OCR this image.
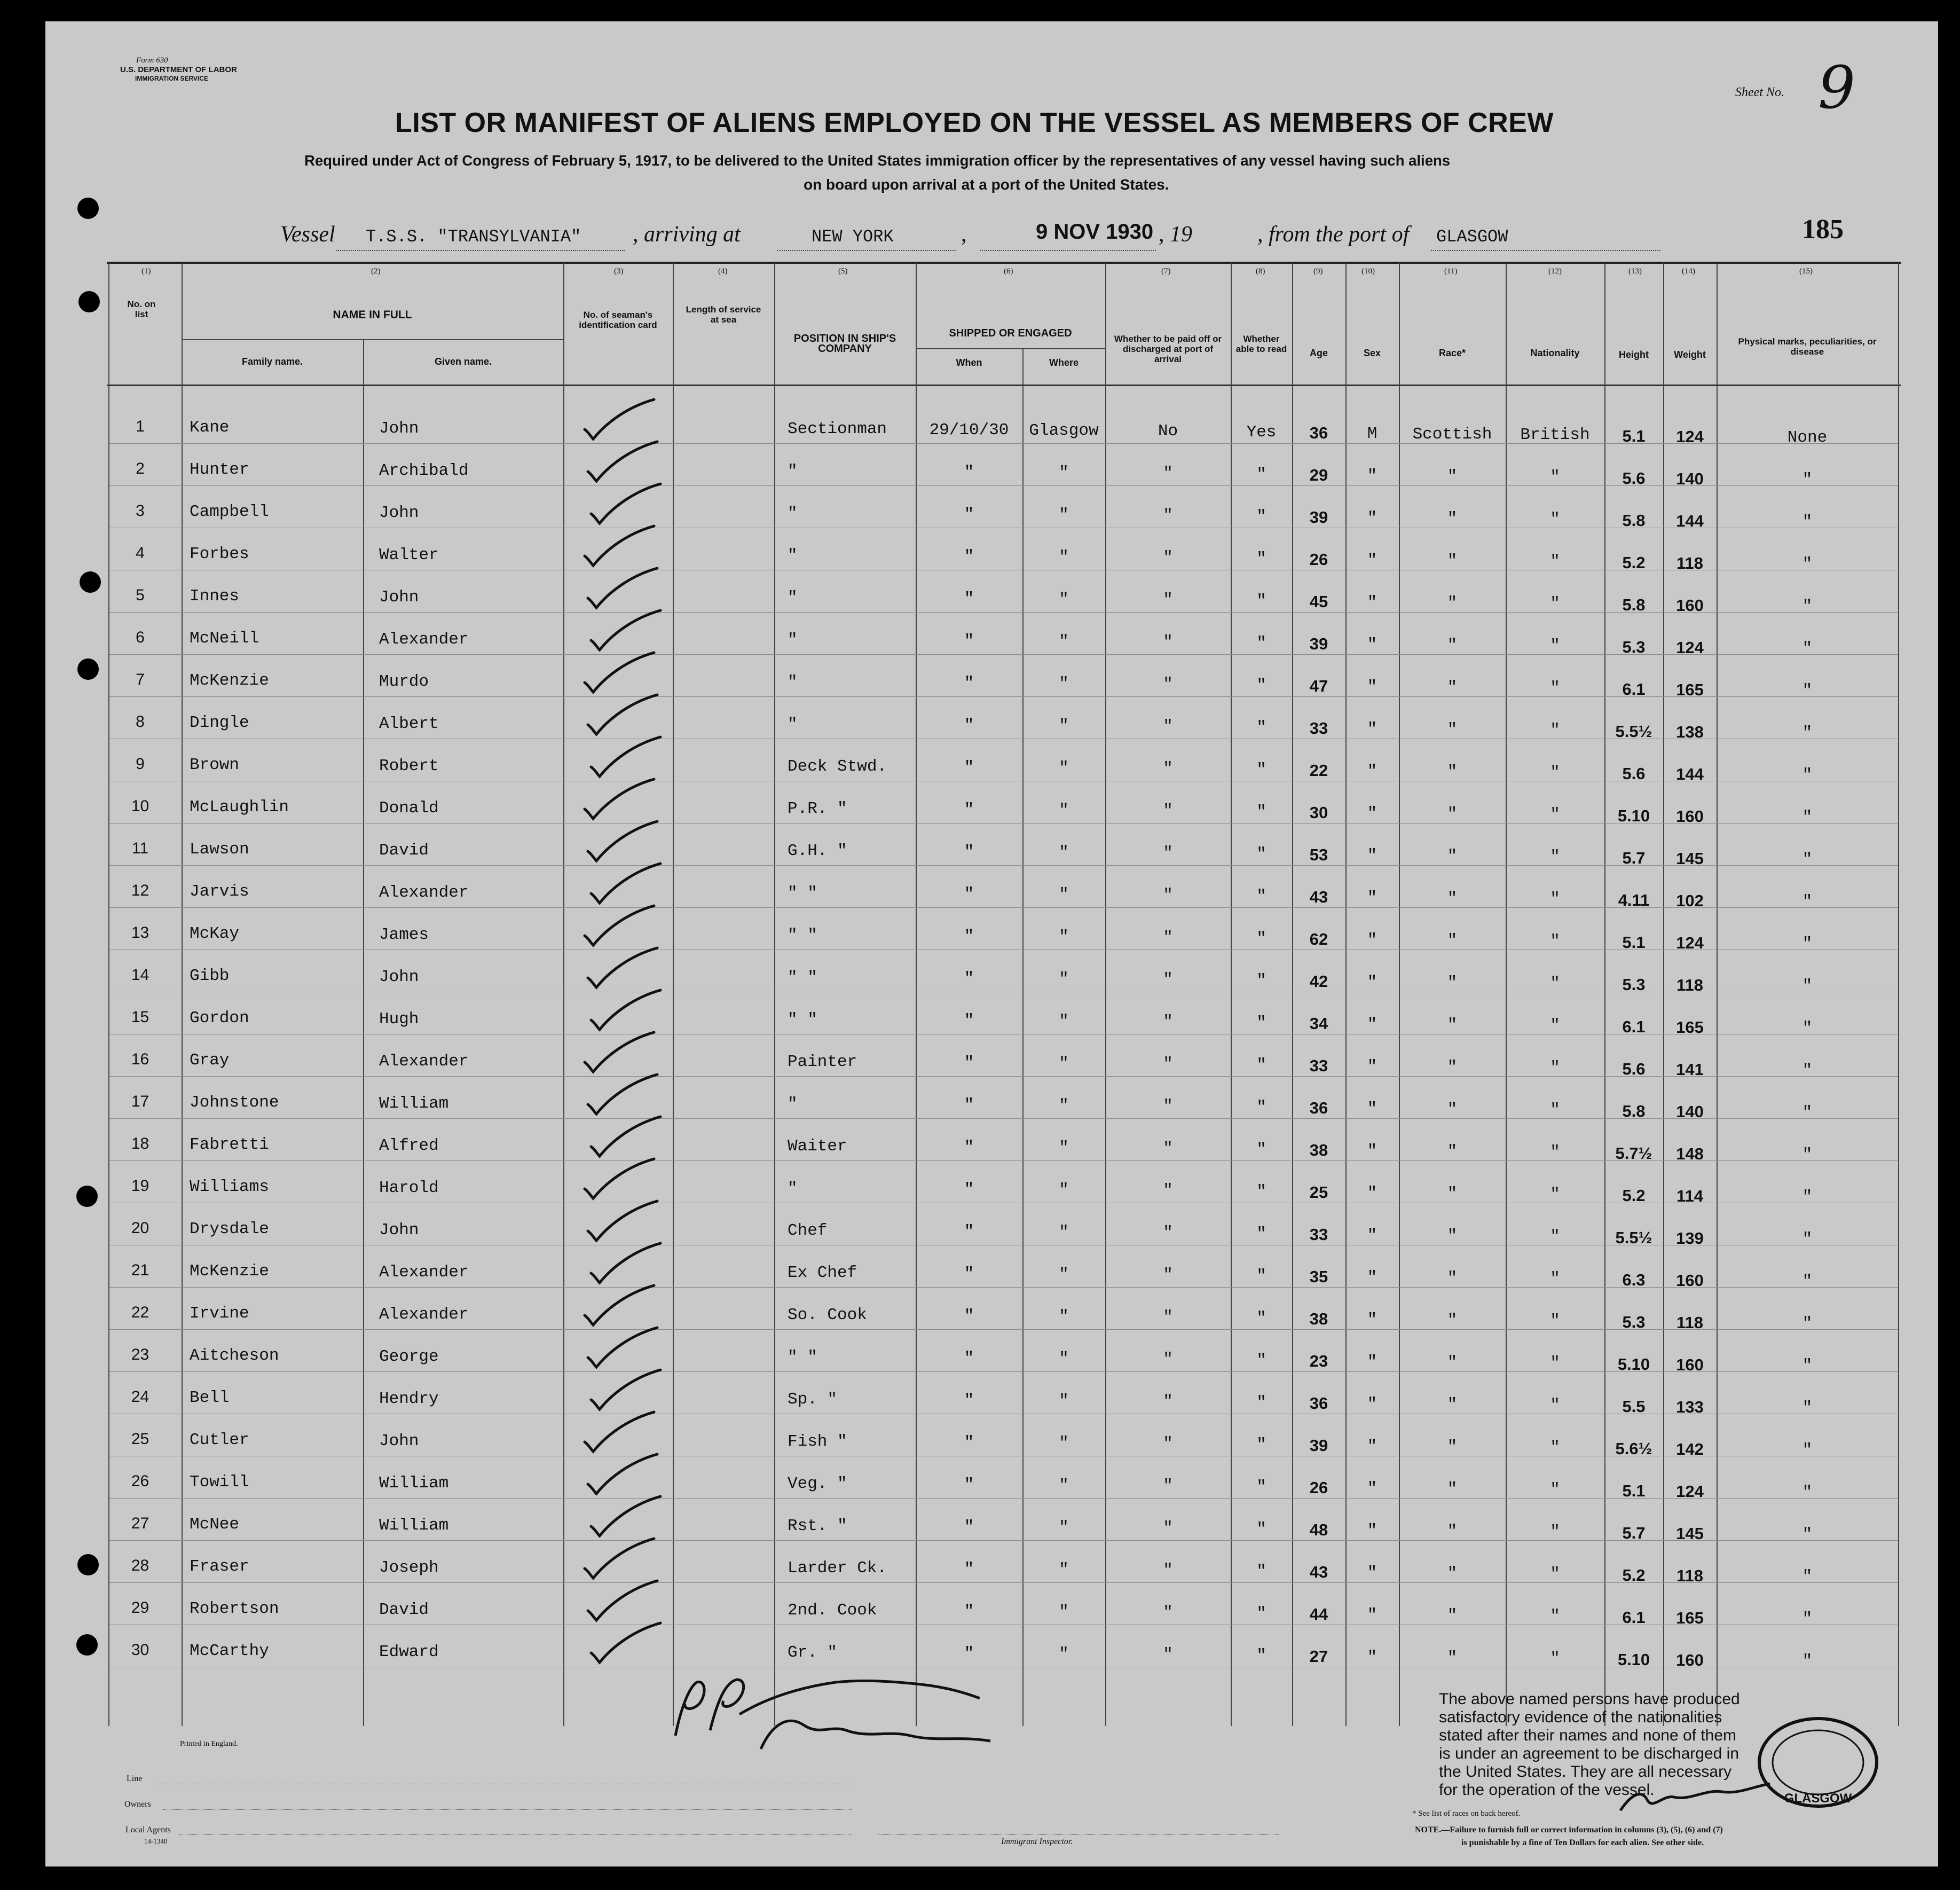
Form 630
U.S. DEPARTMENT OF LABOR
IMMIGRATION SERVICE
Sheet No. 9
LIST OR MANIFEST OF ALIENS EMPLOYED ON THE VESSEL AS MEMBERS OF CREW
Required under Act of Congress of February 5, 1917, to be delivered to the United States immigration officer by the representatives of any vessel having such aliens
on board upon arrival at a port of the United States.
Vessel T.S.S. "TRANSYLVANIA" , arriving at	NEW YORK	,	9 NOV 1930 , 19	, from the port of GLASGOW	185
(1)	(2)	(3)	(4)	(5)	(6)	(7)	(8)	(9)	(10)	(11)	(12)	(13)	(14)	(15)
No. on list	NAME IN FULL
Family name.	Given name.
No. of seaman's identification card
Length of service at sea
POSITION IN SHIP'S COMPANY
SHIPPED OR ENGAGED
When	Where
Whether to be paid off or discharged at port of arrival
Whether able to read	Age	Sex	Race*	Nationality	Height	Weight
Physical marks, peculiarities, or disease
1	Kane	John	Sectionman	29/10/30	Glasgow	No	Yes	36	M	Scottish	British	5.1	124	None
2	Hunter	Archibald	"	"	"	"	"	29	"	"	"	5.6	140	"
3	Campbell	John	"	"	"	"	"	39	"	"	"	5.8	144	"
4	Forbes	Walter	"	"	"	"	"	26	"	"	"	5.2	118	"
5	Innes	John	"	"	"	"	"	45	"	"	"	5.8	160	"
6	McNeill	Alexander	"	"	"	"	"	39	"	"	"	5.3	124	"
7	McKenzie	Murdo	"	"	"	"	"	47	"	"	"	6.1	165	"
8	Dingle	Albert	"	"	"	"	"	33	"	"	"	5.5½	138	"
9	Brown	Robert	Deck Stwd.	"	"	"	"	22	"	"	"	5.6	144	"
10	McLaughlin	Donald	P.R. "	"	"	"	"	30	"	"	"	5.10	160	"
11	Lawson	David	G.H. "	"	"	"	"	53	"	"	"	5.7	145	"
12	Jarvis	Alexander	" "	"	"	"	"	43	"	"	"	4.11	102	"
13	McKay	James	" "	"	"	"	"	62	"	"	"	5.1	124	"
14	Gibb	John	" "	"	"	"	"	42	"	"	"	5.3	118	"
15	Gordon	Hugh	" "	"	"	"	"	34	"	"	"	6.1	165	"
16	Gray	Alexander	Painter	"	"	"	"	33	"	"	"	5.6	141	"
17	Johnstone	William	"	"	"	"	"	36	"	"	"	5.8	140	"
18	Fabretti	Alfred	Waiter	"	"	"	"	38	"	"	"	5.7½	148	"
19	Williams	Harold	"	"	"	"	"	25	"	"	"	5.2	114	"
20	Drysdale	John	Chef	"	"	"	"	33	"	"	"	5.5½	139	"
21	McKenzie	Alexander	Ex Chef	"	"	"	"	35	"	"	"	6.3	160	"
22	Irvine	Alexander	So. Cook	"	"	"	"	38	"	"	"	5.3	118	"
23	Aitcheson	George	" "	"	"	"	"	23	"	"	"	5.10	160	"
24	Bell	Hendry	Sp. "	"	"	"	"	36	"	"	"	5.5	133	"
25	Cutler	John	Fish "	"	"	"	"	39	"	"	"	5.6½	142	"
26	Towill	William	Veg. "	"	"	"	"	26	"	"	"	5.1	124	"
27	McNee	William	Rst. "	"	"	"	"	48	"	"	"	5.7	145	"
28	Fraser	Joseph	Larder Ck.	"	"	"	"	43	"	"	"	5.2	118	"
29	Robertson	David	2nd. Cook	"	"	"	"	44	"	"	"	6.1	165	"
30	McCarthy	Edward	Gr. "	"	"	"	"	27	"	"	"	5.10	160	"
Printed in England.
Line
Owners
Local Agents
14-1340	Immigrant Inspector.
The above named persons have produced
satisfactory evidence of the nationalities
stated after their names and none of them
is under an agreement to be discharged in
the United States. They are all necessary
for the operation of the vessel.	GLASGOW
* See list of races on back hereof.
NOTE.—Failure to furnish full or correct information in columns (3), (5), (6) and (7)
is punishable by a fine of Ten Dollars for each alien. See other side.
